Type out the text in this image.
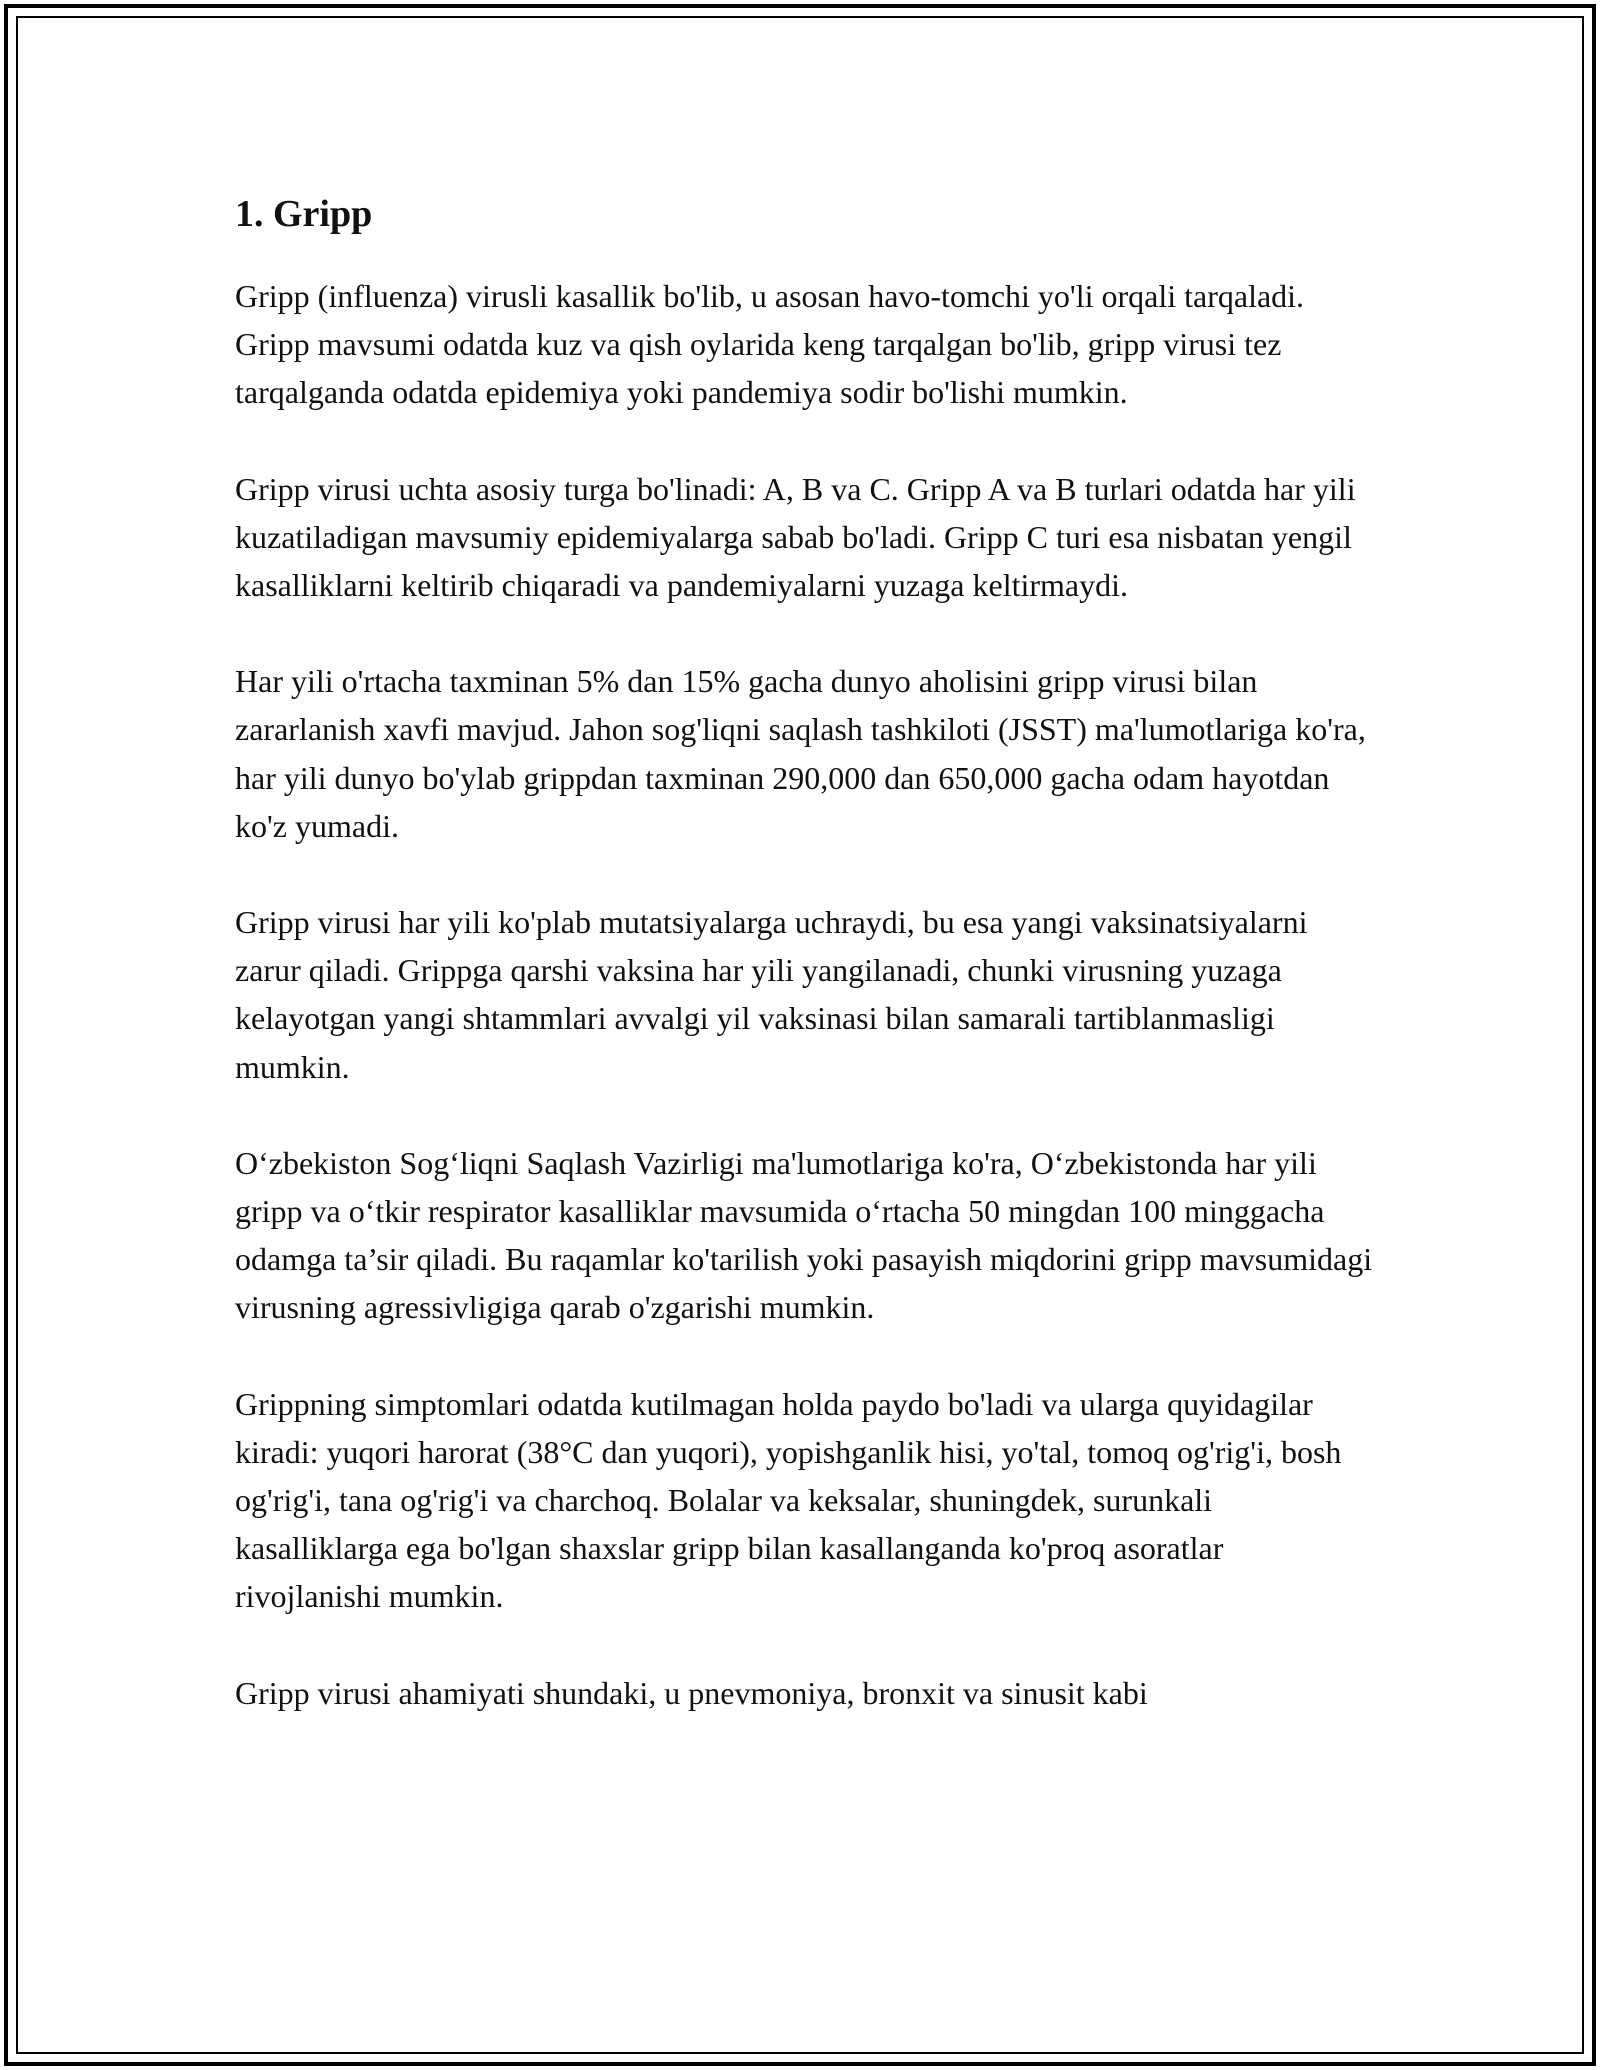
1. Gripp

Gripp (influenza) virusli kasallik bo'lib, u asosan havo-tomchi yo'li orqali tarqaladi. Gripp mavsumi odatda kuz va qish oylarida keng tarqalgan bo'lib, gripp virusi tez tarqalganda odatda epidemiya yoki pandemiya sodir bo'lishi mumkin.

Gripp virusi uchta asosiy turga bo'linadi: A, B va C. Gripp A va B turlari odatda har yili kuzatiladigan mavsumiy epidemiyalarga sabab bo'ladi. Gripp C turi esa nisbatan yengil kasalliklarni keltirib chiqaradi va pandemiyalarni yuzaga keltirmaydi.

Har yili o'rtacha taxminan 5% dan 15% gacha dunyo aholisini gripp virusi bilan zararlanish xavfi mavjud. Jahon sog'liqni saqlash tashkiloti (JSST) ma'lumotlariga ko'ra, har yili dunyo bo'ylab grippdan taxminan 290,000 dan 650,000 gacha odam hayotdan ko'z yumadi.

Gripp virusi har yili ko'plab mutatsiyalarga uchraydi, bu esa yangi vaksinatsiyalarni zarur qiladi. Grippga qarshi vaksina har yili yangilanadi, chunki virusning yuzaga kelayotgan yangi shtammlari avvalgi yil vaksinasi bilan samarali tartiblanmasligi mumkin.

O‘zbekiston Sog‘liqni Saqlash Vazirligi ma'lumotlariga ko'ra, O‘zbekistonda har yili gripp va o‘tkir respirator kasalliklar mavsumida o‘rtacha 50 mingdan 100 minggacha odamga ta’sir qiladi. Bu raqamlar ko'tarilish yoki pasayish miqdorini gripp mavsumidagi virusning agressivligiga qarab o'zgarishi mumkin.

Grippning simptomlari odatda kutilmagan holda paydo bo'ladi va ularga quyidagilar kiradi: yuqori harorat (38°C dan yuqori), yopishganlik hisi, yo'tal, tomoq og'rig'i, bosh og'rig'i, tana og'rig'i va charchoq. Bolalar va keksalar, shuningdek, surunkali kasalliklarga ega bo'lgan shaxslar gripp bilan kasallanganda ko'proq asoratlar rivojlanishi mumkin.

Gripp virusi ahamiyati shundaki, u pnevmoniya, bronxit va sinusit kabi
